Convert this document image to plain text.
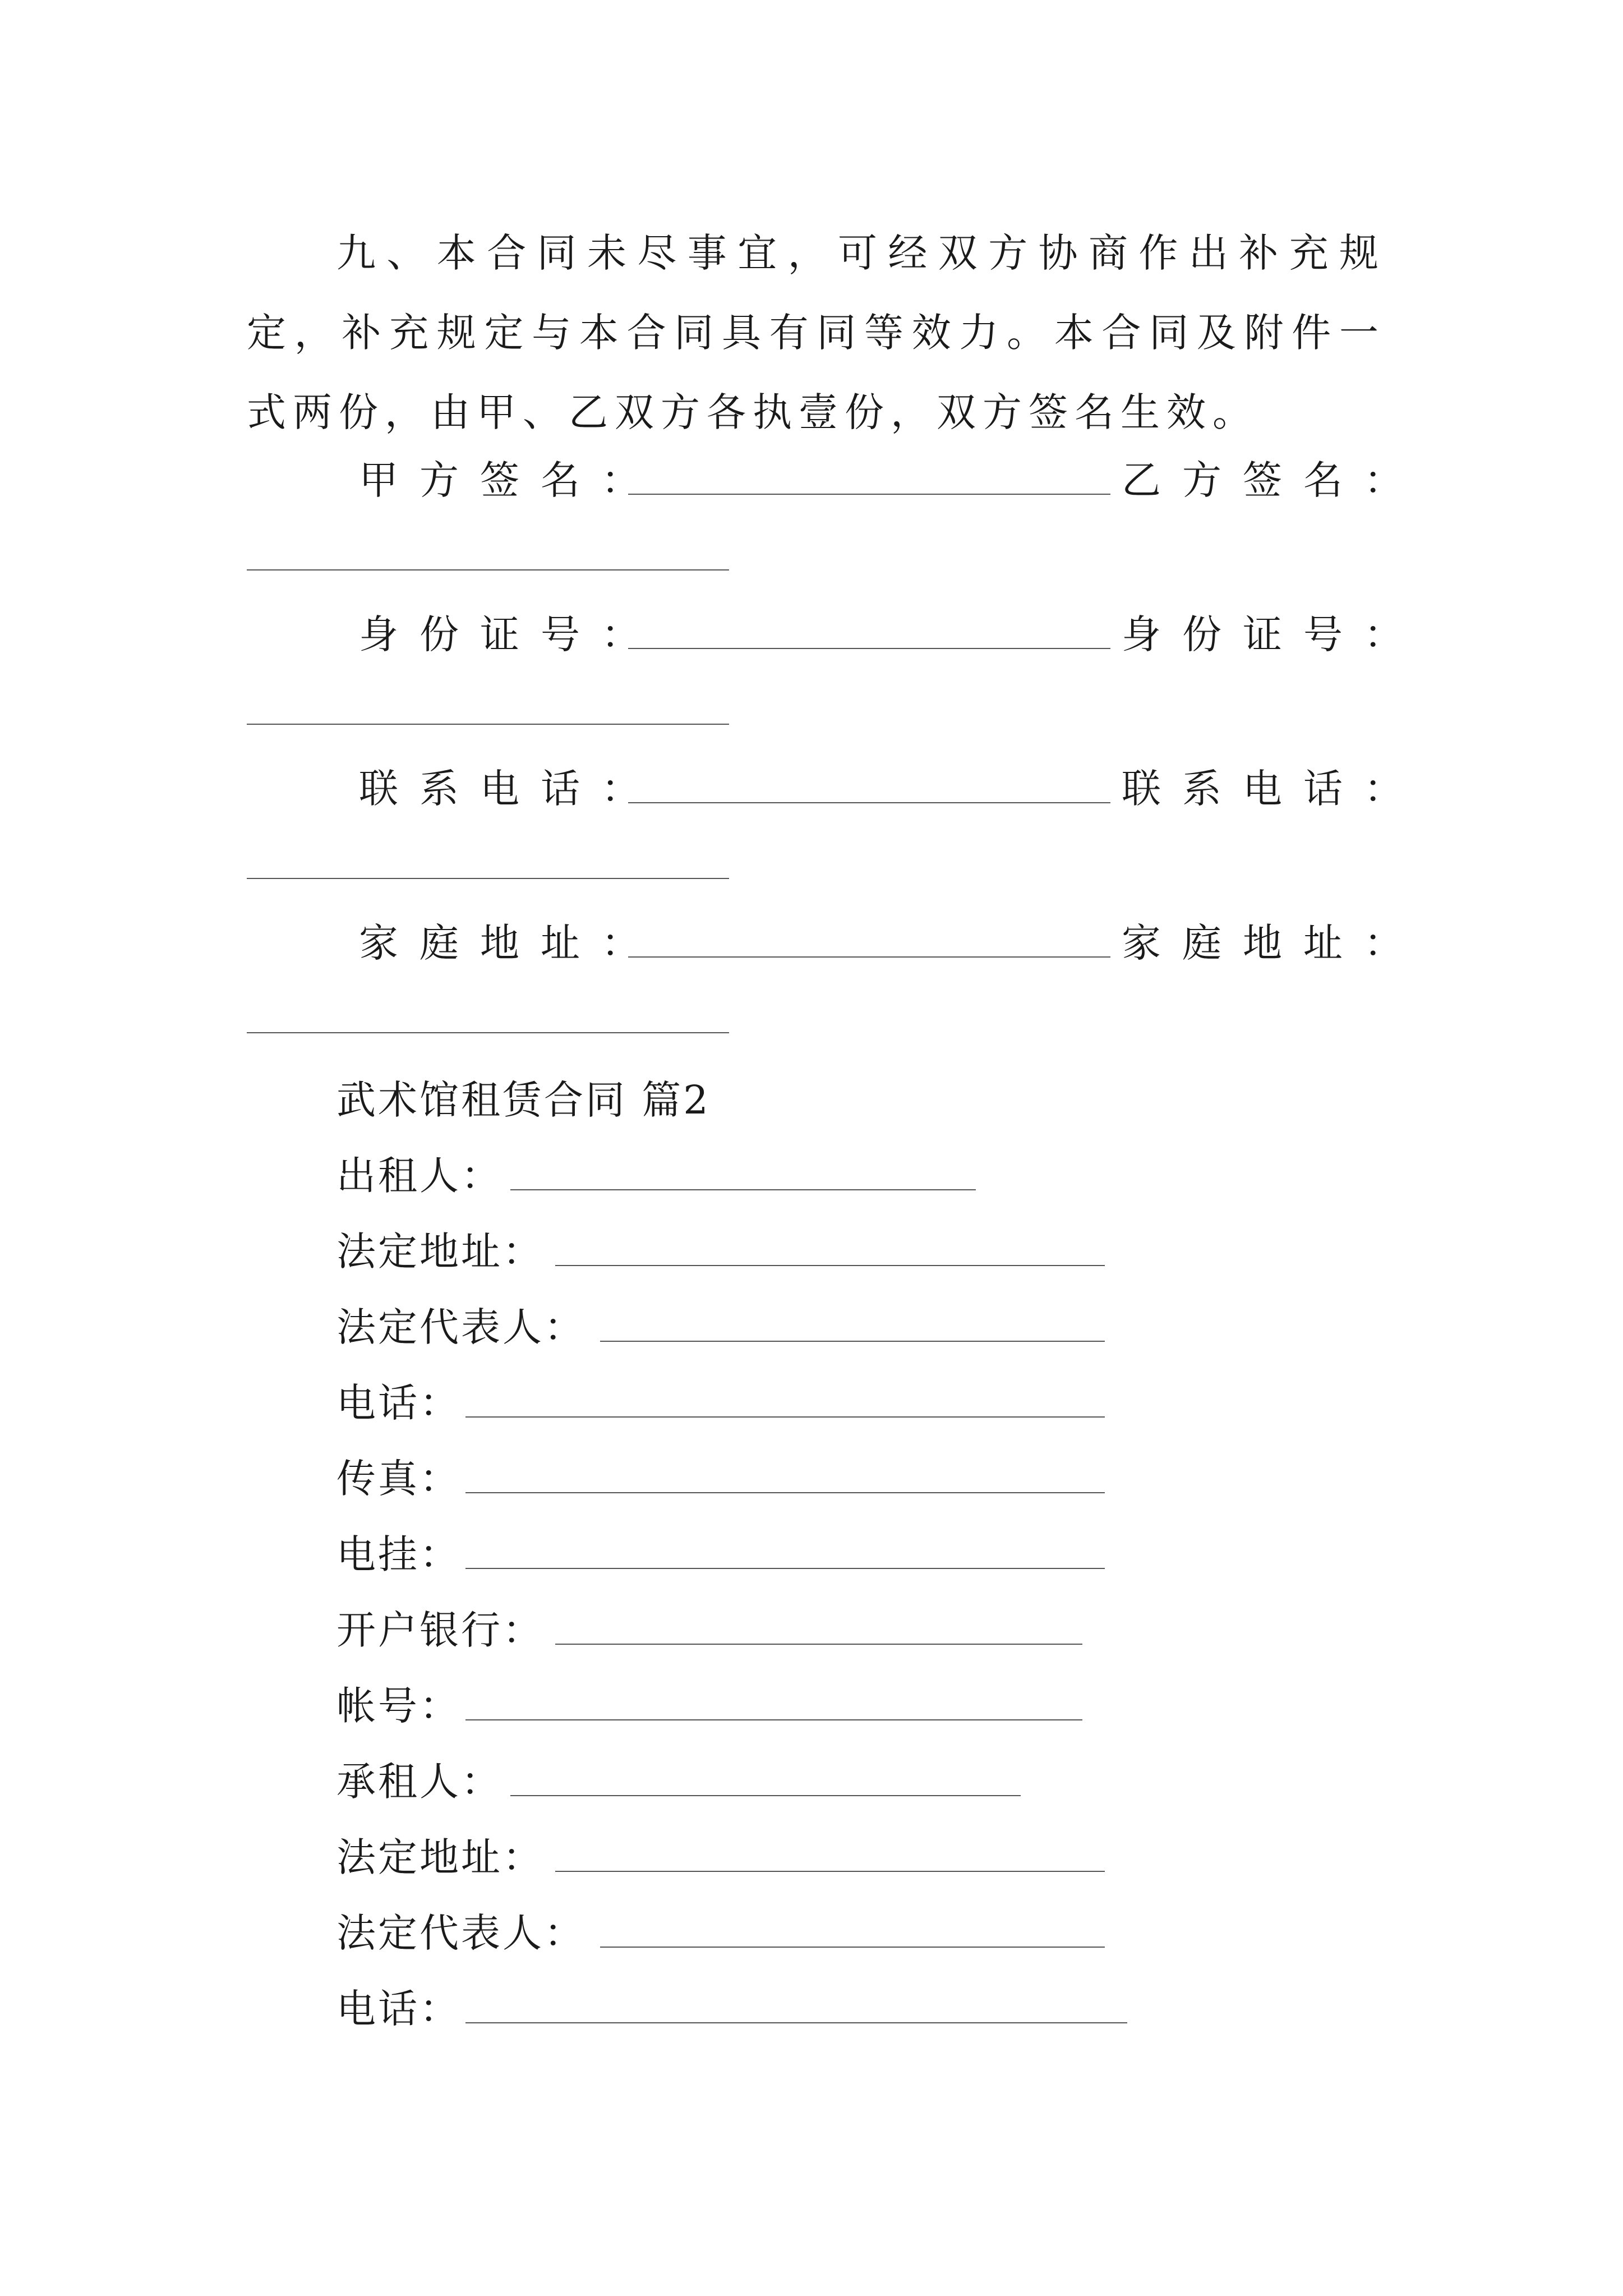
九、本合同未尽事宜，可经双方协商作出补充规定，补充规定与本合同具有同等效力。本合同及附件一式两份，由甲、乙双方各执壹份，双方签名生效。

甲方签名：	乙方签名：
身份证号：	身份证号：
联系电话：	联系电话：
家庭地址：	家庭地址：
武术馆租赁合同 篇2
出租人：
法定地址：
法定代表人：
电话：
传真：
电挂：
开户银行：
帐号：
承租人：
法定地址：
法定代表人：
电话：
